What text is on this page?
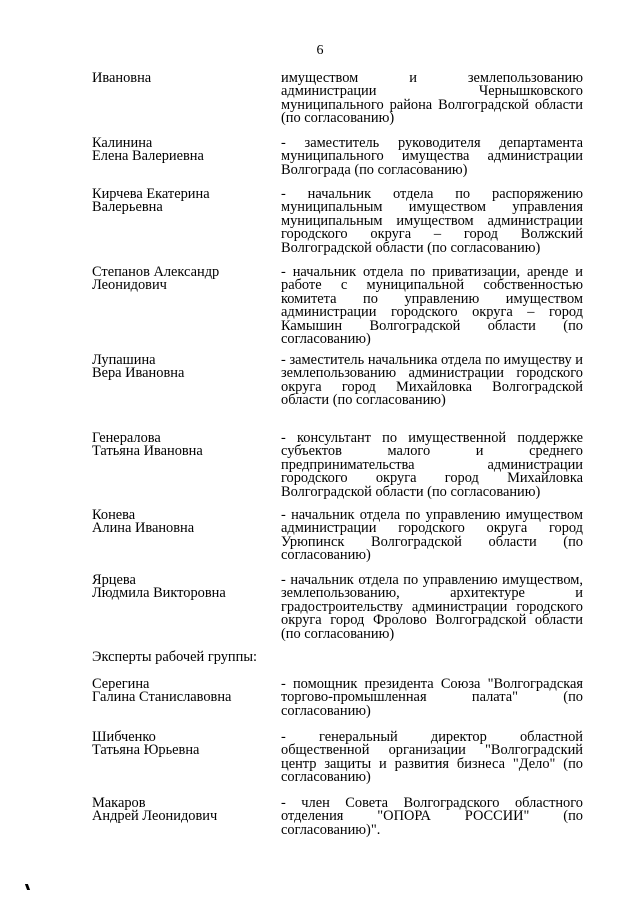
6
Ивановна	имуществом и землепользованию администрации Чернышковского муниципального района Волгоградской области (по согласованию)
Калинина
Елена Валериевна
- заместитель руководителя департамента муниципального имущества администрации Волгограда (по согласованию)
Кирчева Екатерина
Валерьевна
- начальник отдела по распоряжению муниципальным имуществом управления муниципальным имуществом администрации городского округа – город Волжский Волгоградской области (по согласованию)
Степанов Александр
Леонидович
- начальник отдела по приватизации, аренде и работе с муниципальной собственностью комитета по управлению имуществом администрации городского округа – город Камышин Волгоградской области (по согласованию)
Лупашина
Вера Ивановна
- заместитель начальника отдела по имуществу и землепользованию администрации городского округа город Михайловка Волгоградской области (по согласованию)
Генералова
Татьяна Ивановна
- консультант по имущественной поддержке субъектов малого и среднего предпринимательства администрации городского округа город Михайловка Волгоградской области (по согласованию)
Конева
Алина Ивановна
- начальник отдела по управлению имуществом администрации городского округа город Урюпинск Волгоградской области (по согласованию)
Ярцева
Людмила Викторовна
- начальник отдела по управлению имуществом, землепользованию, архитектуре и градостроительству администрации городского округа город Фролово Волгоградской области (по согласованию)
Эксперты рабочей группы:
Серегина
Галина Станиславовна
- помощник президента Союза "Волгоградская торгово-промышленная палата" (по согласованию)
Шибченко
Татьяна Юрьевна
- генеральный директор областной общественной организации "Волгоградский центр защиты и развития бизнеса "Дело" (по согласованию)
Макаров
Андрей Леонидович
- член Совета Волгоградского областного отделения "ОПОРА РОССИИ" (по согласованию)".
